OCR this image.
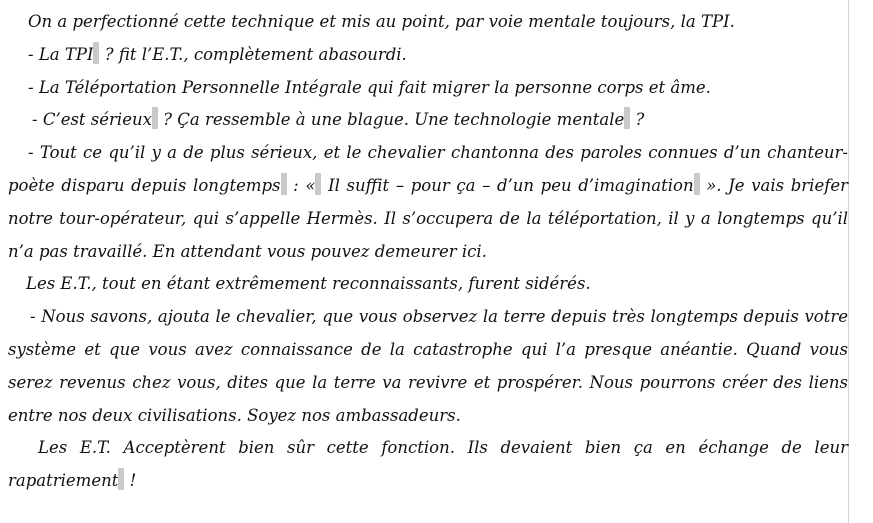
On a perfectionné cette technique et mis au point, par voie mentale toujours, la TPI.

- La TPI ? fit l’E.T., complètement abasourdi.

- La Téléportation Personnelle Intégrale qui fait migrer la personne corps et âme.

- C’est sérieux ? Ça ressemble à une blague. Une technologie mentale ?

- Tout ce qu’il y a de plus sérieux, et le chevalier chantonna des paroles connues d’un chanteur-poète disparu depuis longtemps : « Il suffit – pour ça – d’un peu d’imagination ». Je vais briefer notre tour-opérateur, qui s’appelle Hermès. Il s’occupera de la téléportation, il y a longtemps qu’il n’a pas travaillé. En attendant vous pouvez demeurer ici.

Les E.T., tout en étant extrêmement reconnaissants, furent sidérés.

- Nous savons, ajouta le chevalier, que vous observez la terre depuis très longtemps depuis votre système et que vous avez connaissance de la catastrophe qui l’a presque anéantie. Quand vous serez revenus chez vous, dites que la terre va revivre et prospérer. Nous pourrons créer des liens entre nos deux civilisations. Soyez nos ambassadeurs.

Les E.T. Acceptèrent bien sûr cette fonction. Ils devaient bien ça en échange de leur rapatriement !
